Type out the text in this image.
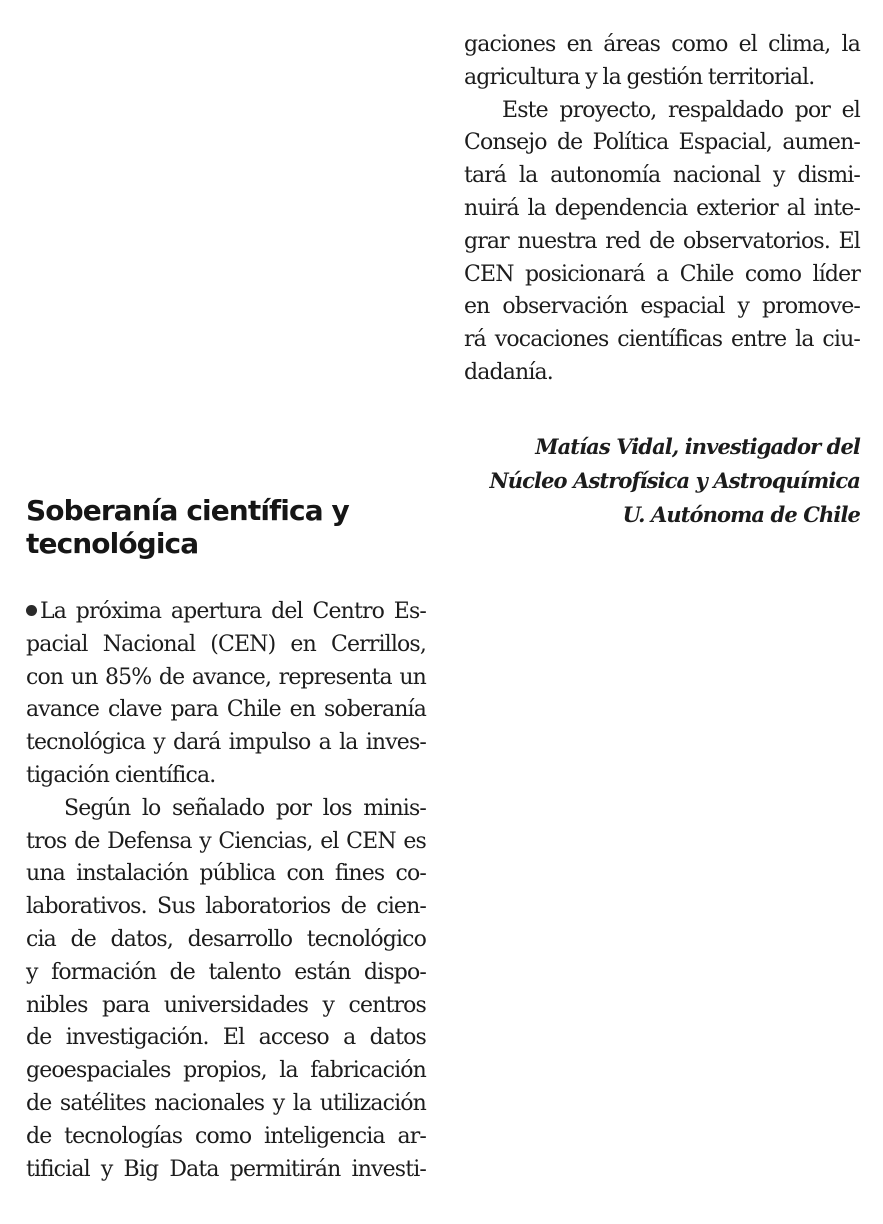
gaciones en áreas como el clima, la
agricultura y la gestión territorial.
Este proyecto, respaldado por el
Consejo de Política Espacial, aumen-
tará la autonomía nacional y dismi-
nuirá la dependencia exterior al inte-
grar nuestra red de observatorios. El
CEN posicionará a Chile como líder
en observación espacial y promove-
rá vocaciones científicas entre la ciu-
dadanía.
Matías Vidal, investigador del
Núcleo Astrofísica y Astroquímica
U. Autónoma de Chile
Soberanía científica y
tecnológica
La próxima apertura del Centro Es-
pacial Nacional (CEN) en Cerrillos,
con un 85% de avance, representa un
avance clave para Chile en soberanía
tecnológica y dará impulso a la inves-
tigación científica.
Según lo señalado por los minis-
tros de Defensa y Ciencias, el CEN es
una instalación pública con fines co-
laborativos. Sus laboratorios de cien-
cia de datos, desarrollo tecnológico
y formación de talento están dispo-
nibles para universidades y centros
de investigación. El acceso a datos
geoespaciales propios, la fabricación
de satélites nacionales y la utilización
de tecnologías como inteligencia ar-
tificial y Big Data permitirán investi-
